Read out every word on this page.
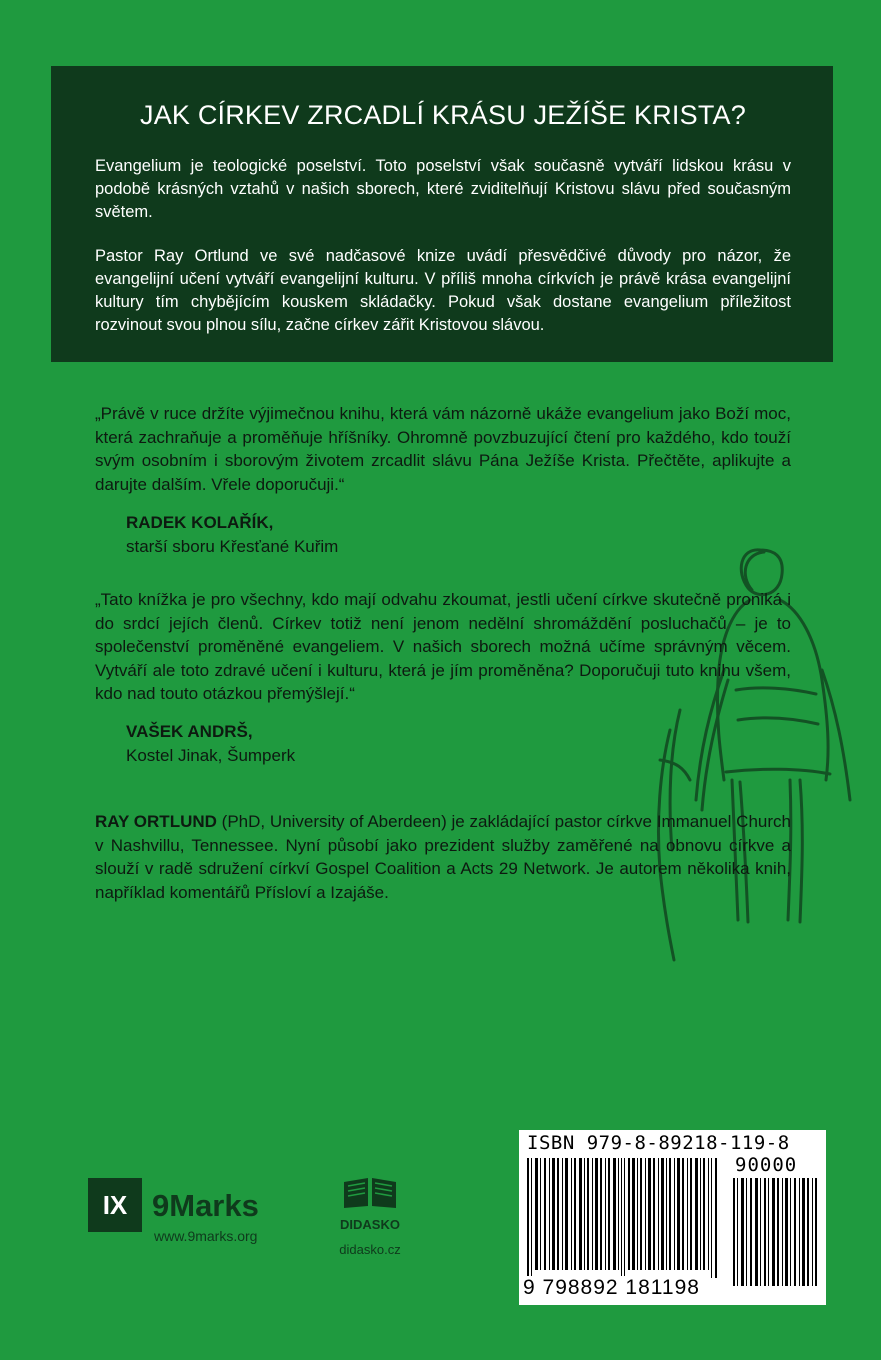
JAK CÍRKEV ZRCADLÍ KRÁSU JEŽÍŠE KRISTA?

Evangelium je teologické poselství. Toto poselství však současně vytváří lidskou krásu v podobě krásných vztahů v našich sborech, které zviditelňují Kristovu slávu před současným světem.

Pastor Ray Ortlund ve své nadčasové knize uvádí přesvědčivé důvody pro názor, že evangelijní učení vytváří evangelijní kulturu. V příliš mnoha církvích je právě krása evangelijní kultury tím chybějícím kouskem skládačky. Pokud však dostane evangelium příležitost rozvinout svou plnou sílu, začne církev zářit Kristovou slávou.

„Právě v ruce držíte výjimečnou knihu, která vám názorně ukáže evangelium jako Boží moc, která zachraňuje a proměňuje hříšníky. Ohromně povzbuzující čtení pro každého, kdo touží svým osobním i sborovým životem zrcadlit slávu Pána Ježíše Krista. Přečtěte, aplikujte a darujte dalším. Vřele doporučuji.“

RADEK KOLAŘÍK,
starší sboru Křesťané Kuřim

„Tato knížka je pro všechny, kdo mají odvahu zkoumat, jestli učení církve skutečně proniká i do srdcí jejích členů. Církev totiž není jenom nedělní shromáždění posluchačů – je to společenství proměněné evangeliem. V našich sborech možná učíme správným věcem. Vytváří ale toto zdravé učení i kulturu, která je jím proměněna? Doporučuji tuto knihu všem, kdo nad touto otázkou přemýšlejí.“

VAŠEK ANDRŠ,
Kostel Jinak, Šumperk

RAY ORTLUND (PhD, University of Aberdeen) je zakládající pastor církve Immanuel Church v Nashvillu, Tennessee. Nyní působí jako prezident služby zaměřené na obnovu církve a slouží v radě sdružení církví Gospel Coalition a Acts 29 Network. Je autorem několika knih, například komentářů Přísloví a Izajáše.

IX 9Marks
www.9marks.org
DIDASKO
didasko.cz
ISBN 979-8-89218-119-8
90000
9 798892 181198
